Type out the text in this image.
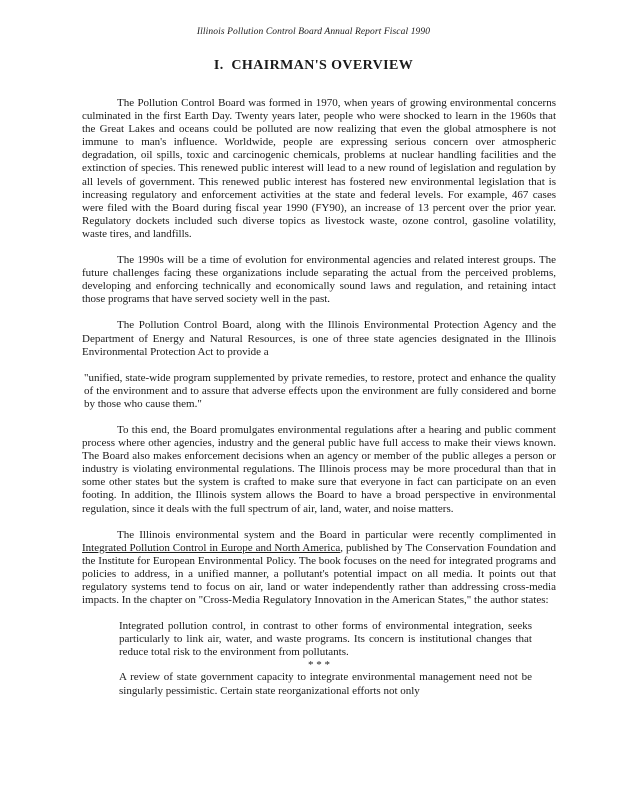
Illinois Pollution Control Board Annual Report Fiscal 1990
I. CHAIRMAN'S OVERVIEW

The Pollution Control Board was formed in 1970, when years of growing environmental concerns culminated in the first Earth Day. Twenty years later, people who were shocked to learn in the 1960s that the Great Lakes and oceans could be polluted are now realizing that even the global atmosphere is not immune to man's influence. Worldwide, people are expressing serious concern over atmospheric degradation, oil spills, toxic and carcinogenic chemicals, problems at nuclear handling facilities and the extinction of species. This renewed public interest will lead to a new round of legislation and regulation by all levels of government. This renewed public interest has fostered new environmental legislation that is increasing regulatory and enforcement activities at the state and federal levels. For example, 467 cases were filed with the Board during fiscal year 1990 (FY90), an increase of 13 percent over the prior year. Regulatory dockets included such diverse topics as livestock waste, ozone control, gasoline volatility, waste tires, and landfills.

The 1990s will be a time of evolution for environmental agencies and related interest groups. The future challenges facing these organizations include separating the actual from the perceived problems, developing and enforcing technically and economically sound laws and regulation, and retaining intact those programs that have served society well in the past.

The Pollution Control Board, along with the Illinois Environmental Protection Agency and the Department of Energy and Natural Resources, is one of three state agencies designated in the Illinois Environmental Protection Act to provide a

"unified, state-wide program supplemented by private remedies, to restore, protect and enhance the quality of the environment and to assure that adverse effects upon the environment are fully considered and borne by those who cause them."

To this end, the Board promulgates environmental regulations after a hearing and public comment process where other agencies, industry and the general public have full access to make their views known. The Board also makes enforcement decisions when an agency or member of the public alleges a person or industry is violating environmental regulations. The Illinois process may be more procedural than that in some other states but the system is crafted to make sure that everyone in fact can participate on an even footing. In addition, the Illinois system allows the Board to have a broad perspective in environmental regulation, since it deals with the full spectrum of air, land, water, and noise matters.

The Illinois environmental system and the Board in particular were recently complimented in Integrated Pollution Control in Europe and North America, published by The Conservation Foundation and the Institute for European Environmental Policy. The book focuses on the need for integrated programs and policies to address, in a unified manner, a pollutant's potential impact on all media. It points out that regulatory systems tend to focus on air, land or water independently rather than addressing cross-media impacts. In the chapter on "Cross-Media Regulatory Innovation in the American States," the author states:

Integrated pollution control, in contrast to other forms of environmental integration, seeks particularly to link air, water, and waste programs. Its concern is institutional changes that reduce total risk to the environment from pollutants.

* * *

A review of state government capacity to integrate environmental management need not be singularly pessimistic. Certain state reorganizational efforts not only
